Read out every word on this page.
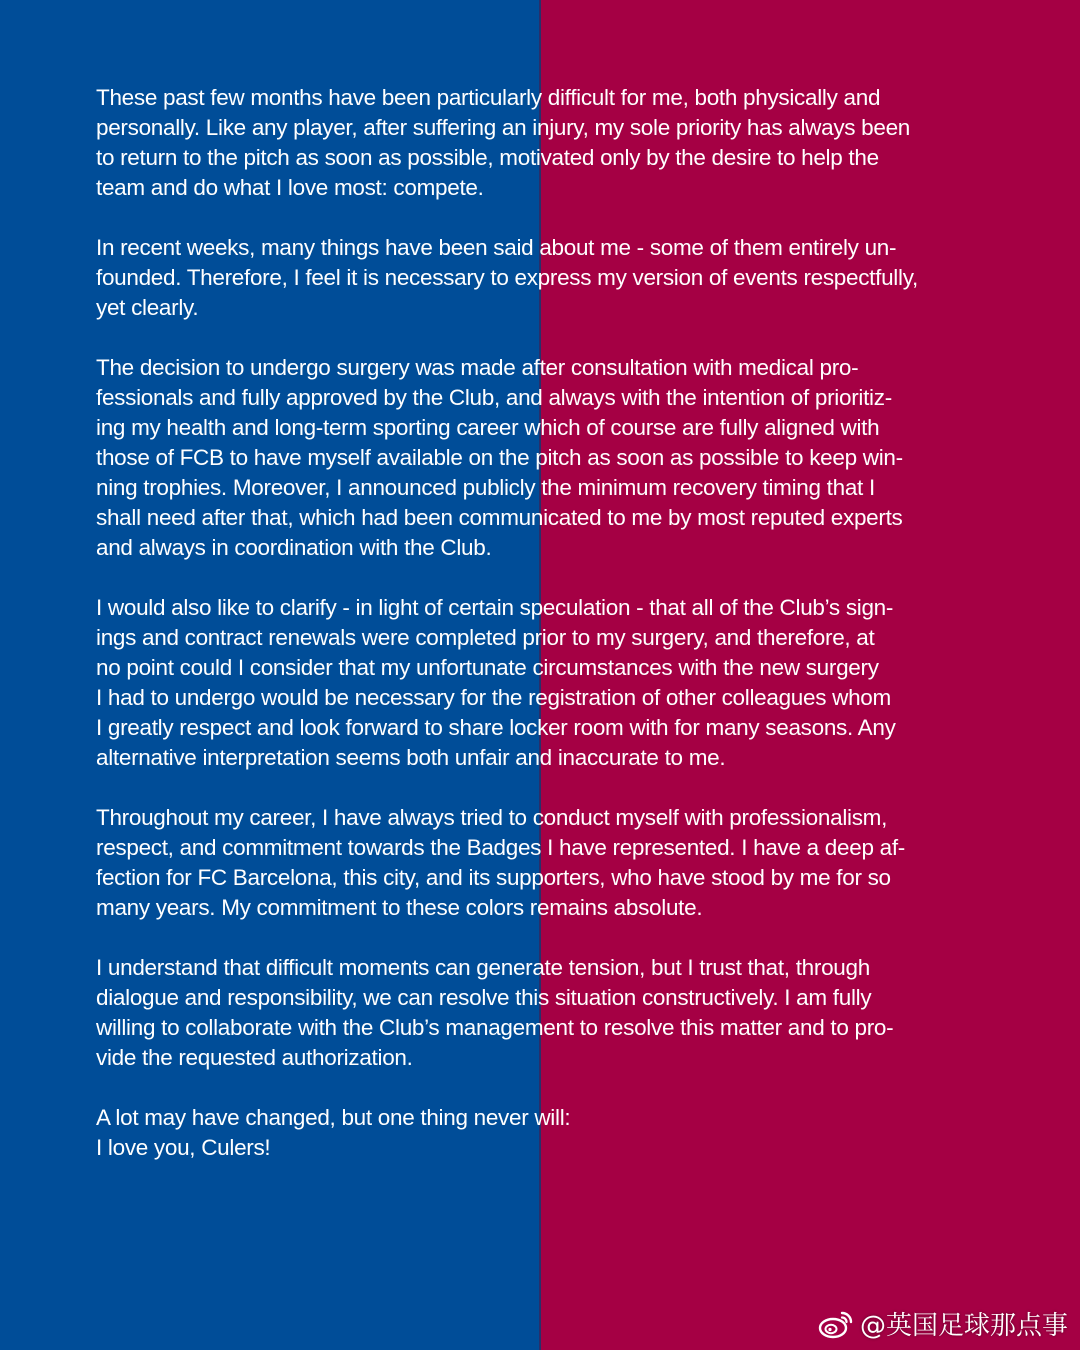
These past few months have been particularly difficult for me, both physically and
personally. Like any player, after suffering an injury, my sole priority has always been
to return to the pitch as soon as possible, motivated only by the desire to help the
team and do what I love most: compete.

In recent weeks, many things have been said about me - some of them entirely un-
founded. Therefore, I feel it is necessary to express my version of events respectfully,
yet clearly.

The decision to undergo surgery was made after consultation with medical pro-
fessionals and fully approved by the Club, and always with the intention of prioritiz-
ing my health and long-term sporting career which of course are fully aligned with
those of FCB to have myself available on the pitch as soon as possible to keep win-
ning trophies. Moreover, I announced publicly the minimum recovery timing that I
shall need after that, which had been communicated to me by most reputed experts
and always in coordination with the Club.

I would also like to clarify - in light of certain speculation - that all of the Club’s sign-
ings and contract renewals were completed prior to my surgery, and therefore, at
no point could I consider that my unfortunate circumstances with the new surgery
I had to undergo would be necessary for the registration of other colleagues whom
I greatly respect and look forward to share locker room with for many seasons. Any
alternative interpretation seems both unfair and inaccurate to me.

Throughout my career, I have always tried to conduct myself with professionalism,
respect, and commitment towards the Badges I have represented. I have a deep af-
fection for FC Barcelona, this city, and its supporters, who have stood by me for so
many years. My commitment to these colors remains absolute.

I understand that difficult moments can generate tension, but I trust that, through
dialogue and responsibility, we can resolve this situation constructively. I am fully
willing to collaborate with the Club’s management to resolve this matter and to pro-
vide the requested authorization.

A lot may have changed, but one thing never will:
I love you, Culers!

@英国足球那点事
